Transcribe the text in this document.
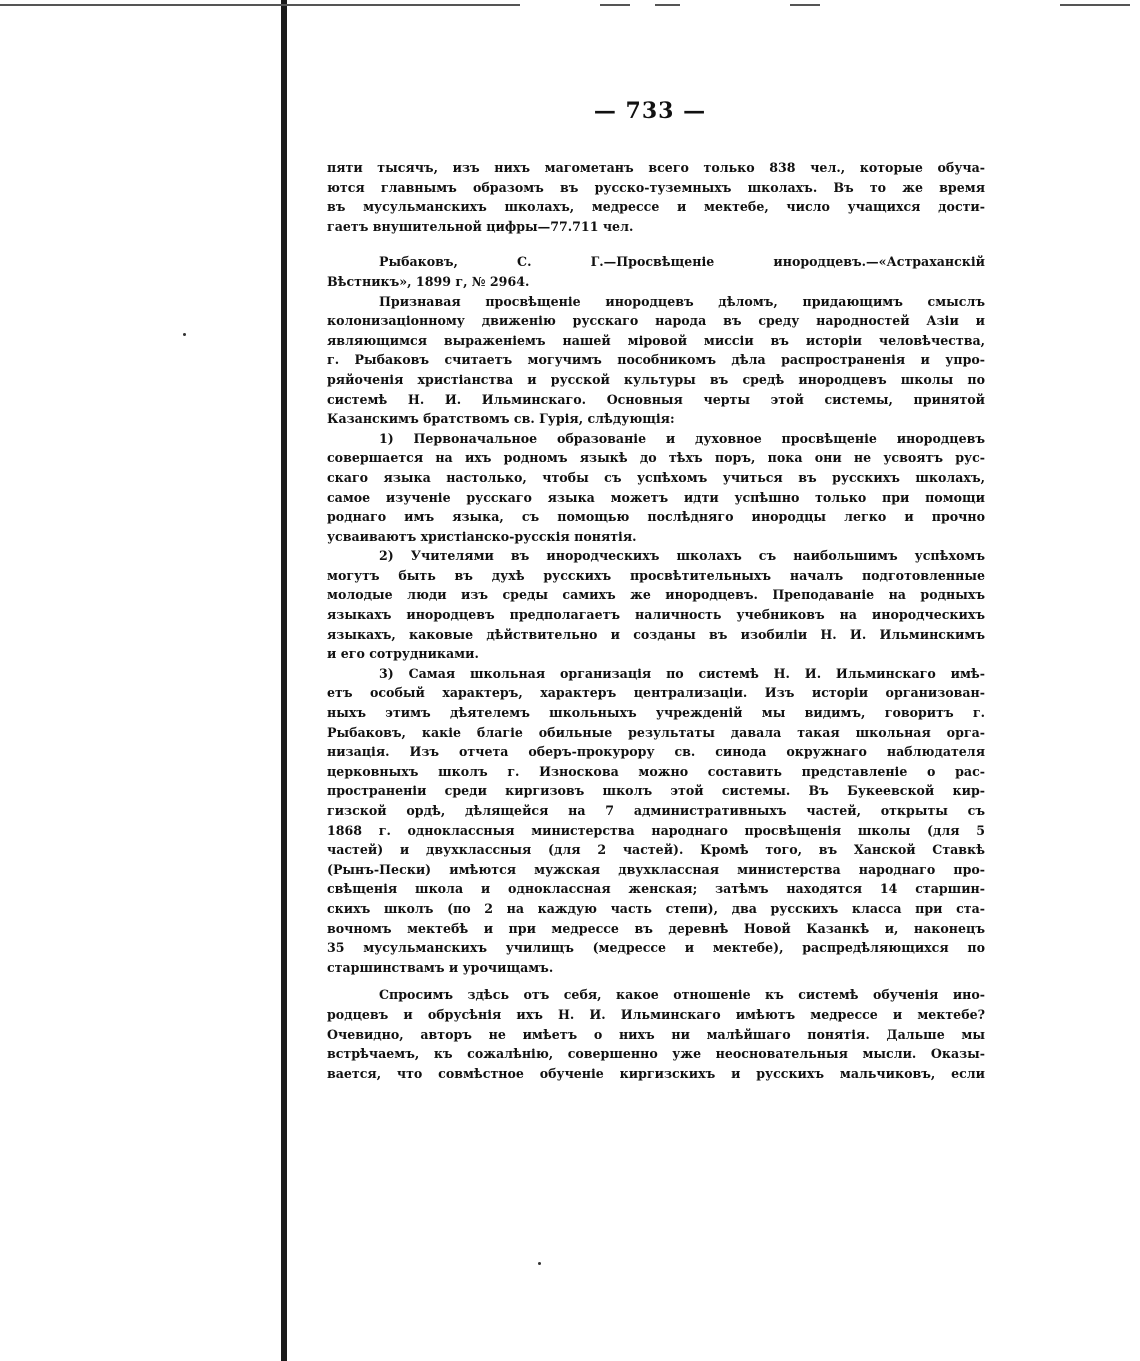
— 733 —
пяти тысячъ, изъ нихъ магометанъ всего только 838 чел., которые обуча-
ются главнымъ образомъ въ русско-туземныхъ школахъ. Въ то же время
въ мусульманскихъ школахъ, медрессе и мектебе, число учащихся дости-
гаетъ внушительной цифры—77.711 чел.
Рыбаковъ, С. Г.—Просвѣщеніе инородцевъ.—«Астраханскій
Вѣстникъ», 1899 г, № 2964.
Признавая просвѣщеніе инородцевъ дѣломъ, придающимъ смыслъ
колонизаціонному движенію русскаго народа въ среду народностей Азіи и
являющимся выраженіемъ нашей міровой миссіи въ исторіи человѣчества,
г. Рыбаковъ считаетъ могучимъ пособникомъ дѣла распространенія и упро-
ряйоченія христіанства и русской культуры въ средѣ инородцевъ школы по
системѣ Н. И. Ильминскаго. Основныя черты этой системы, принятой
Казанскимъ братствомъ св. Гурія, слѣдующія:
1) Первоначальное образованіе и духовное просвѣщеніе инородцевъ
совершается на ихъ родномъ языкѣ до тѣхъ поръ, пока они не усвоятъ рус-
скаго языка настолько, чтобы съ успѣхомъ учиться въ русскихъ школахъ,
самое изученіе русскаго языка можетъ идти успѣшно только при помощи
роднаго имъ языка, съ помощью послѣдняго инородцы легко и прочно
усваиваютъ христіанско-русскія понятія.
2) Учителями въ инородческихъ школахъ съ наибольшимъ успѣхомъ
могутъ быть въ духѣ русскихъ просвѣтительныхъ началъ подготовленные
молодые люди изъ среды самихъ же инородцевъ. Преподаваніе на родныхъ
языкахъ инородцевъ предполагаетъ наличность учебниковъ на инородческихъ
языкахъ, каковые дѣйствительно и созданы въ изобиліи Н. И. Ильминскимъ
и его сотрудниками.
3) Самая школьная организація по системѣ Н. И. Ильминскаго имѣ-
етъ особый характеръ, характеръ централизаціи. Изъ исторіи организован-
ныхъ этимъ дѣятелемъ школьныхъ учрежденій мы видимъ, говоритъ г.
Рыбаковъ, какіе благіе обильные результаты давала такая школьная орга-
низація. Изъ отчета оберъ-прокурору св. синода окружнаго наблюдателя
церковныхъ школъ г. Износкова можно составить представленіе о рас-
пространеніи среди киргизовъ школъ этой системы. Въ Букеевской кир-
гизской ордѣ, дѣлящейся на 7 административныхъ частей, открыты съ
1868 г. одноклассныя министерства народнаго просвѣщенія школы (для 5
частей) и двухклассныя (для 2 частей). Кромѣ того, въ Ханской Ставкѣ
(Рынъ-Пески) имѣются мужская двухклассная министерства народнаго про-
свѣщенія школа и одноклассная женская; затѣмъ находятся 14 старшин-
скихъ школъ (по 2 на каждую часть степи), два русскихъ класса при ста-
вочномъ мектебѣ и при медрессе въ деревнѣ Новой Казанкѣ и, наконецъ
35 мусульманскихъ училищъ (медрессе и мектебе), распредѣляющихся по
старшинствамъ и урочищамъ.
Спросимъ здѣсь отъ себя, какое отношеніе къ системѣ обученія ино-
родцевъ и обрусѣнія ихъ Н. И. Ильминскаго имѣютъ медрессе и мектебе?
Очевидно, авторъ не имѣетъ о нихъ ни малѣйшаго понятія. Дальше мы
встрѣчаемъ, къ сожалѣнію, совершенно уже неосновательныя мысли. Оказы-
вается, что совмѣстное обученіе киргизскихъ и русскихъ мальчиковъ, если
